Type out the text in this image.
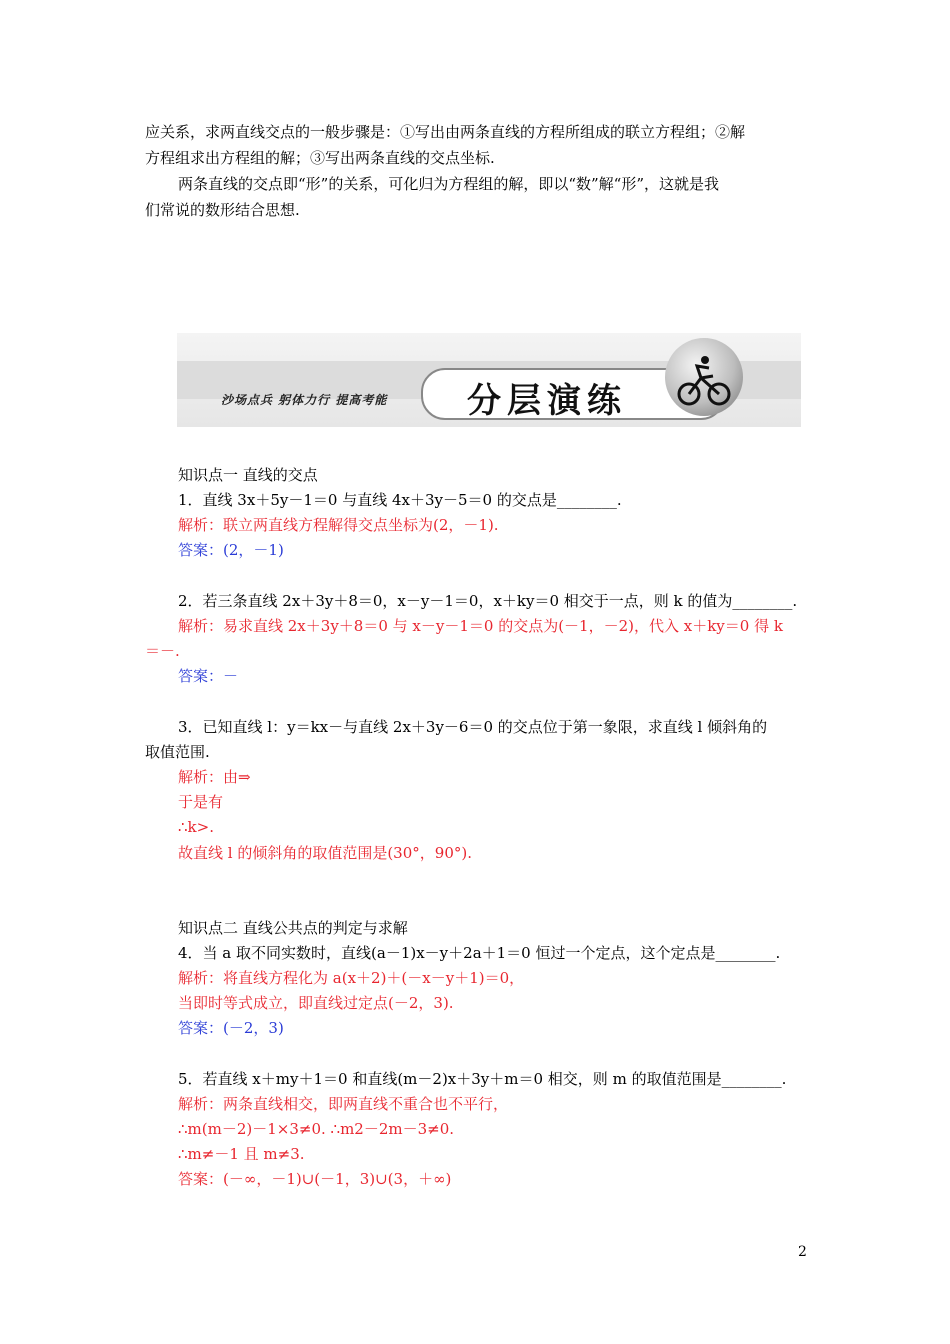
应关系，求两直线交点的一般步骤是：①写出由两条直线的方程所组成的联立方程组；②解
方程组求出方程组的解；③写出两条直线的交点坐标.
两条直线的交点即“形”的关系，可化归为方程组的解，即以“数”解“形”，这就是我
们常说的数形结合思想.
沙场点兵 躬体力行 提高考能 分层演练
知识点一 直线的交点
1．直线 3x＋5y－1＝0 与直线 4x＋3y－5＝0 的交点是________.
解析：联立两直线方程解得交点坐标为(2，－1).
答案：(2，－1)
2．若三条直线 2x＋3y＋8＝0，x－y－1＝0，x＋ky＝0 相交于一点，则 k 的值为________.
解析：易求直线 2x＋3y＋8＝0 与 x－y－1＝0 的交点为(－1，－2)，代入 x＋ky＝0 得 k
＝－.
答案：－
3．已知直线 l：y＝kx－与直线 2x＋3y－6＝0 的交点位于第一象限，求直线 l 倾斜角的
取值范围.
解析：由⇒
于是有
∴k>.
故直线 l 的倾斜角的取值范围是(30°，90°).
知识点二 直线公共点的判定与求解
4．当 a 取不同实数时，直线(a－1)x－y＋2a＋1＝0 恒过一个定点，这个定点是________.
解析：将直线方程化为 a(x＋2)＋(－x－y＋1)＝0，
当即时等式成立，即直线过定点(－2，3).
答案：(－2，3)
5．若直线 x＋my＋1＝0 和直线(m－2)x＋3y＋m＝0 相交，则 m 的取值范围是________.
解析：两条直线相交，即两直线不重合也不平行，
∴m(m－2)－1×3≠0. ∴m2－2m－3≠0.
∴m≠－1 且 m≠3.
答案：(－∞，－1)∪(－1，3)∪(3，＋∞)
2
